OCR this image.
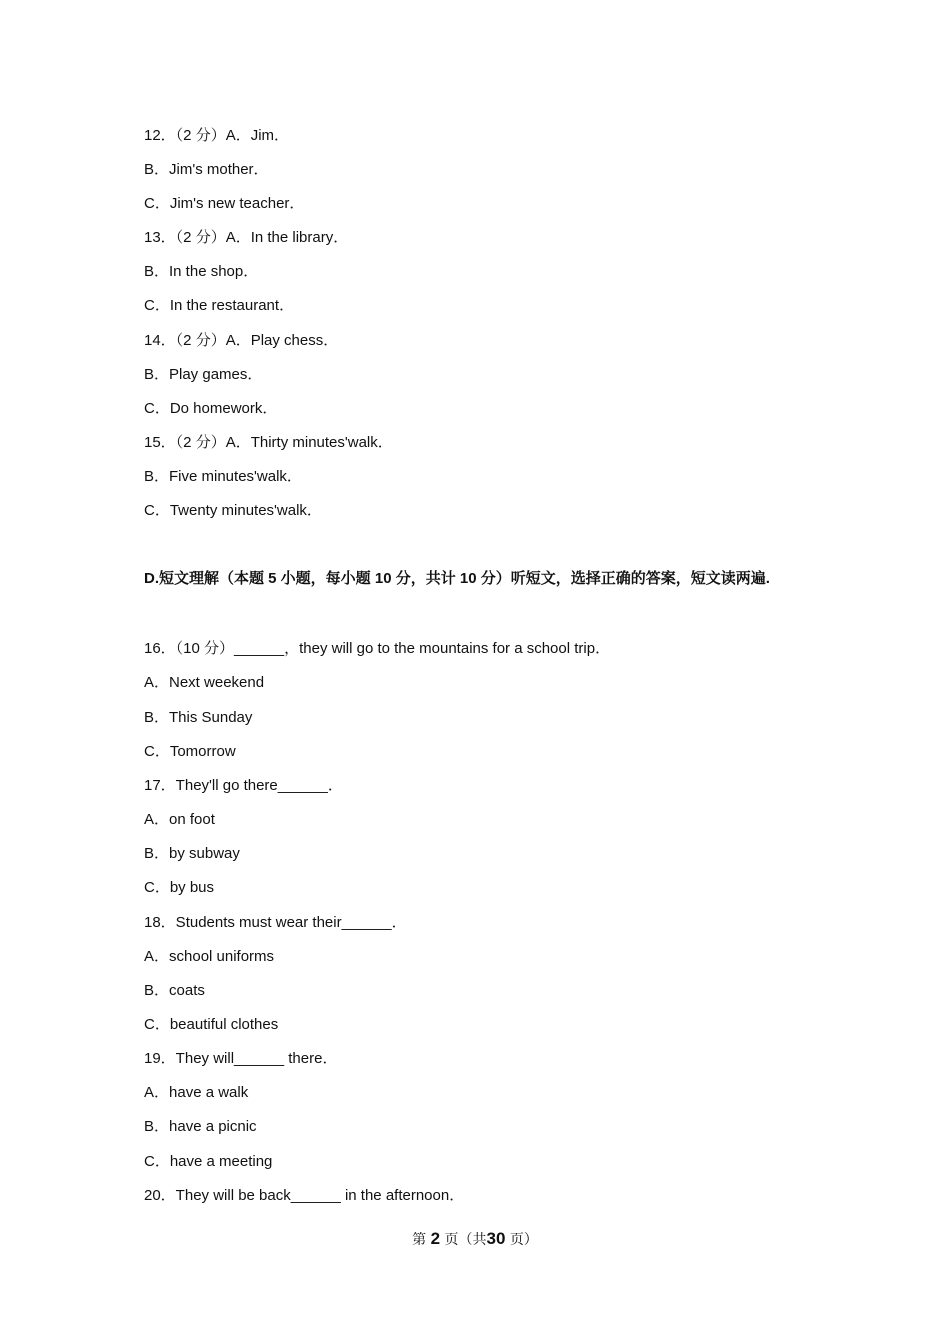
12．（2 分）A．Jim．

B．Jim's mother．

C．Jim's new teacher．

13．（2 分）A．In the library．

B．In the shop．

C．In the restaurant．

14．（2 分）A．Play chess．

B．Play games．

C．Do homework．

15．（2 分）A．Thirty minutes'walk．

B．Five minutes'walk．

C．Twenty minutes'walk．

D.短文理解（本题 5 小题，每小题 10 分，共计 10 分）听短文，选择正确的答案，短文读两遍.

16．（10 分）______，they will go to the mountains for a school trip．

A．Next weekend

B．This Sunday

C．Tomorrow

17．They'll go there______．

A．on foot

B．by subway

C．by bus

18．Students must wear their______．

A．school uniforms

B．coats

C．beautiful clothes

19．They will______ there．

A．have a walk

B．have a picnic

C．have a meeting

20．They will be back______ in the afternoon．

第 2 页（共30 页）
